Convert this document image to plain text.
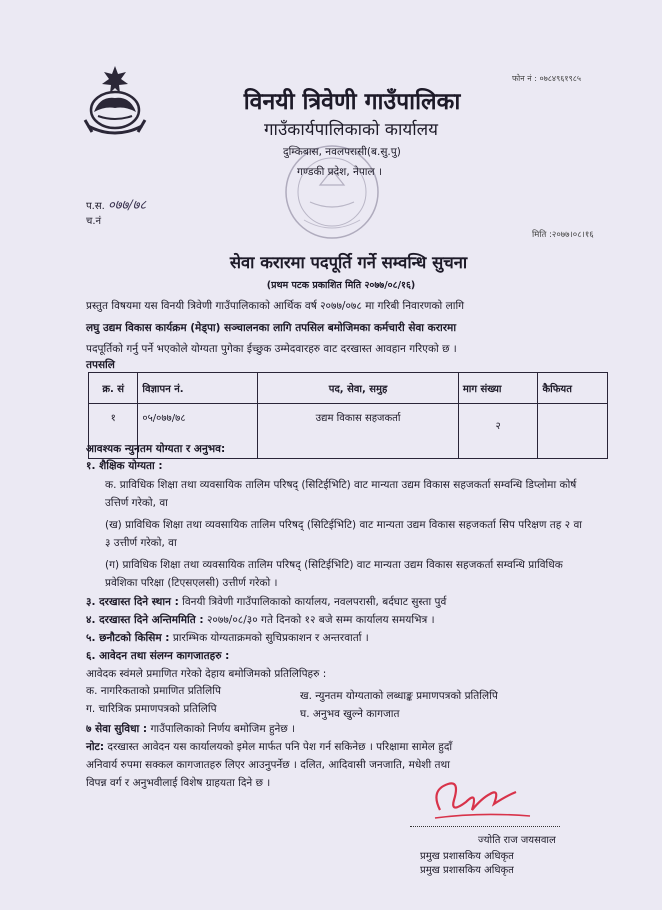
फोन नं : ०७८४९६१९८५
विनयी त्रिवेणी गाउँपालिका
गाउँकार्यपालिकाको कार्यालय
दुम्किबास, नवलपरासी(ब.सु.पु)
गण्डकी प्रदेश, नेपाल ।
प.स. ०७७/७८
च.नं
मिति :२०७७।०८।१६
सेवा करारमा पदपूर्ति गर्ने सम्वन्धि सुचना
(प्रथम पटक प्रकाशित मिति २०७७/०८/१६)
प्रस्तुत विषयमा यस विनयी त्रिवेणी गाउँपालिकाको आर्थिक वर्ष २०७७/०७८ मा गरिबी निवारणको लागि
लघु उद्यम विकास कार्यक्रम (मेड्पा) सञ्चालनका लागि तपसिल बमोजिमका कर्मचारी सेवा करारमा
पदपूर्तिको गर्नु पर्ने भएकोले योग्यता पुगेका ईच्छुक उम्मेदवारहरु वाट दरखास्त आवहान गरिएको छ ।
तपसलि
क्र. सं	विज्ञापन नं.	पद, सेवा, समुह	माग संख्या	कैफियत
१	०५/०७७/७८	उद्यम विकास सहजकर्ता	२	
आवश्यक न्युनतम योग्यता र अनुभव:
१. शैक्षिक योग्यता :
क. प्राविधिक शिक्षा तथा व्यवसायिक तालिम परिषद् (सिटिईभिटि) वाट मान्यता उद्यम विकास सहजकर्ता सम्वन्धि डिप्लोमा कोर्ष उत्तिर्ण गरेको, वा
(ख) प्राविधिक शिक्षा तथा व्यवसायिक तालिम परिषद् (सिटिईभिटि) वाट मान्यता उद्यम विकास सहजकर्ता सिप परिक्षण तह २ वा ३ उत्तीर्ण गरेको, वा
(ग) प्राविधिक शिक्षा तथा व्यवसायिक तालिम परिषद् (सिटिईभिटि) वाट मान्यता उद्यम विकास सहजकर्ता सम्वन्धि प्राविधिक प्रवेशिका परिक्षा (टिएसएलसी) उत्तीर्ण गरेको ।
३. दरखास्त दिने स्थान : विनयी त्रिवेणी गाउँपालिकाको कार्यालय, नवलपरासी, बर्दघाट सुस्ता पुर्व
४. दरखास्त दिने अन्तिममिति : २०७७/०८/३० गते दिनको १२ बजे सम्म कार्यालय समयभित्र ।
५. छनौटको किसिम : प्रारम्भिक योग्यताक्रमको सुचिप्रकाशन र अन्तरवार्ता ।
६. आवेदन तथा संलग्न कागजातहरु :
आवेदक स्वंमले प्रमाणित गरेको देहाय बमोजिमको प्रतिलिपिहरु :
क. नागरिकताको प्रमाणित प्रतिलिपि	ख. न्युनतम योग्यताको लब्धाङ्क प्रमाणपत्रको प्रतिलिपि
ग. चारित्रिक प्रमाणपत्रको प्रतिलिपि	घ. अनुभव खुल्ने कागजात
७ सेवा सुविधा : गाउँपालिकाको निर्णय बमोजिम हुनेछ ।
नोट: दरखास्त आवेदन यस कार्यालयको इमेल मार्फत पनि पेश गर्न सकिनेछ । परिक्षामा सामेल हुदाँ
अनिवार्य रुपमा सक्कल कागजातहरु लिएर आउनुपर्नेछ । दलित, आदिवासी जनजाति, मधेशी तथा
विपन्न वर्ग र अनुभवीलाई विशेष ग्राहयता दिने छ ।
ज्योति राज जयसवाल
प्रमुख प्रशासकिय अधिकृत
प्रमुख प्रशासकिय अधिकृत
